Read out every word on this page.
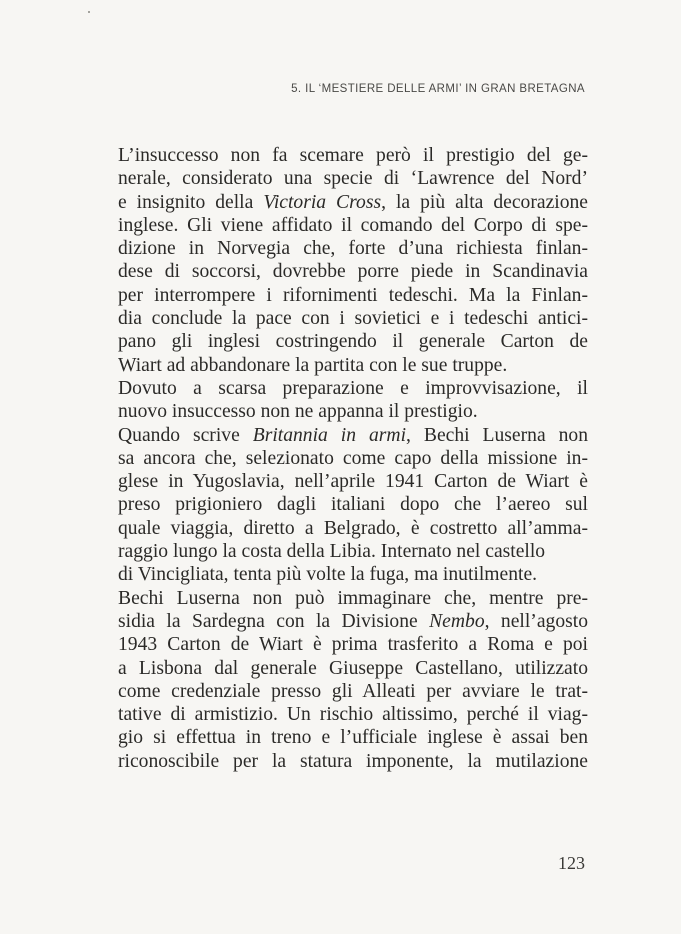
5. IL ‘MESTIERE DELLE ARMI’ IN GRAN BRETAGNA
L’insuccesso non fa scemare però il prestigio del ge-
nerale, considerato una specie di ‘Lawrence del Nord’
e insignito della Victoria Cross, la più alta decorazione
inglese. Gli viene affidato il comando del Corpo di spe-
dizione in Norvegia che, forte d’una richiesta finlan-
dese di soccorsi, dovrebbe porre piede in Scandinavia
per interrompere i rifornimenti tedeschi. Ma la Finlan-
dia conclude la pace con i sovietici e i tedeschi antici-
pano gli inglesi costringendo il generale Carton de
Wiart ad abbandonare la partita con le sue truppe.
Dovuto a scarsa preparazione e improvvisazione, il
nuovo insuccesso non ne appanna il prestigio.
Quando scrive Britannia in armi, Bechi Luserna non
sa ancora che, selezionato come capo della missione in-
glese in Yugoslavia, nell’aprile 1941 Carton de Wiart è
preso prigioniero dagli italiani dopo che l’aereo sul
quale viaggia, diretto a Belgrado, è costretto all’amma-
raggio lungo la costa della Libia. Internato nel castello
di Vincigliata, tenta più volte la fuga, ma inutilmente.
Bechi Luserna non può immaginare che, mentre pre-
sidia la Sardegna con la Divisione Nembo, nell’agosto
1943 Carton de Wiart è prima trasferito a Roma e poi
a Lisbona dal generale Giuseppe Castellano, utilizzato
come credenziale presso gli Alleati per avviare le trat-
tative di armistizio. Un rischio altissimo, perché il viag-
gio si effettua in treno e l’ufficiale inglese è assai ben
riconoscibile per la statura imponente, la mutilazione
123
